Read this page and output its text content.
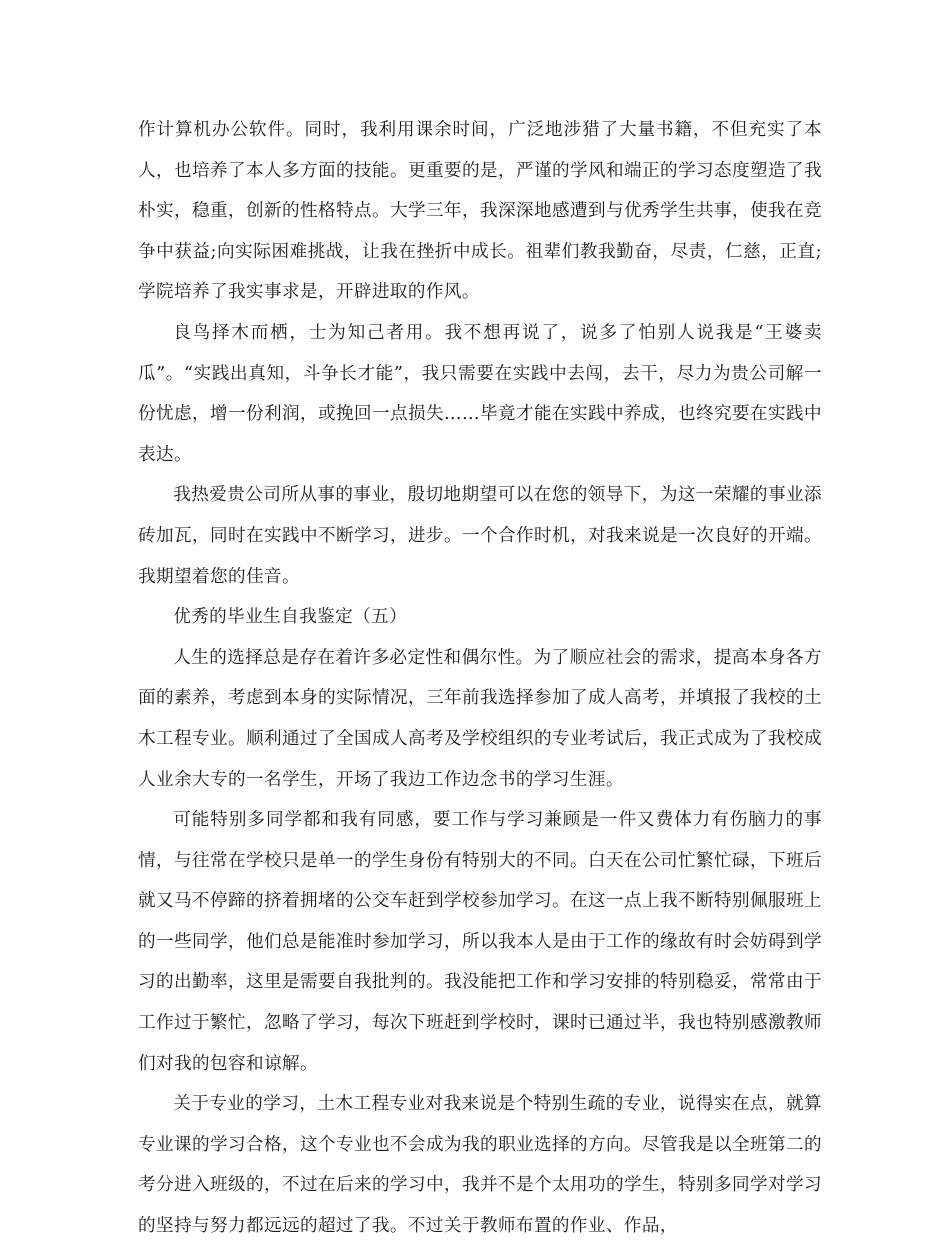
作计算机办公软件。同时，我利用课余时间，广泛地涉猎了大量书籍，不但充实了本人，也培养了本人多方面的技能。更重要的是，严谨的学风和端正的学习态度塑造了我朴实，稳重，创新的性格特点。大学三年，我深深地感遭到与优秀学生共事，使我在竞争中获益;向实际困难挑战，让我在挫折中成长。祖辈们教我勤奋，尽责，仁慈，正直;学院培养了我实事求是，开辟进取的作风。

良鸟择木而栖，士为知己者用。我不想再说了，说多了怕别人说我是“王婆卖瓜”。“实践出真知，斗争长才能”，我只需要在实践中去闯，去干，尽力为贵公司解一份忧虑，增一份利润，或挽回一点损失……毕竟才能在实践中养成，也终究要在实践中表达。

我热爱贵公司所从事的事业，殷切地期望可以在您的领导下，为这一荣耀的事业添砖加瓦，同时在实践中不断学习，进步。一个合作时机，对我来说是一次良好的开端。我期望着您的佳音。

优秀的毕业生自我鉴定（五）

人生的选择总是存在着许多必定性和偶尔性。为了顺应社会的需求，提高本身各方面的素养，考虑到本身的实际情况，三年前我选择参加了成人高考，并填报了我校的土木工程专业。顺利通过了全国成人高考及学校组织的专业考试后，我正式成为了我校成人业余大专的一名学生，开场了我边工作边念书的学习生涯。

可能特别多同学都和我有同感，要工作与学习兼顾是一件又费体力有伤脑力的事情，与往常在学校只是单一的学生身份有特别大的不同。白天在公司忙繁忙碌，下班后就又马不停蹄的挤着拥堵的公交车赶到学校参加学习。在这一点上我不断特别佩服班上的一些同学，他们总是能准时参加学习，所以我本人是由于工作的缘故有时会妨碍到学习的出勤率，这里是需要自我批判的。我没能把工作和学习安排的特别稳妥，常常由于工作过于繁忙，忽略了学习，每次下班赶到学校时，课时已通过半，我也特别感激教师们对我的包容和谅解。

关于专业的学习，土木工程专业对我来说是个特别生疏的专业，说得实在点，就算专业课的学习合格，这个专业也不会成为我的职业选择的方向。尽管我是以全班第二的考分进入班级的，不过在后来的学习中，我并不是个太用功的学生，特别多同学对学习的坚持与努力都远远的超过了我。不过关于教师布置的作业、作品，
